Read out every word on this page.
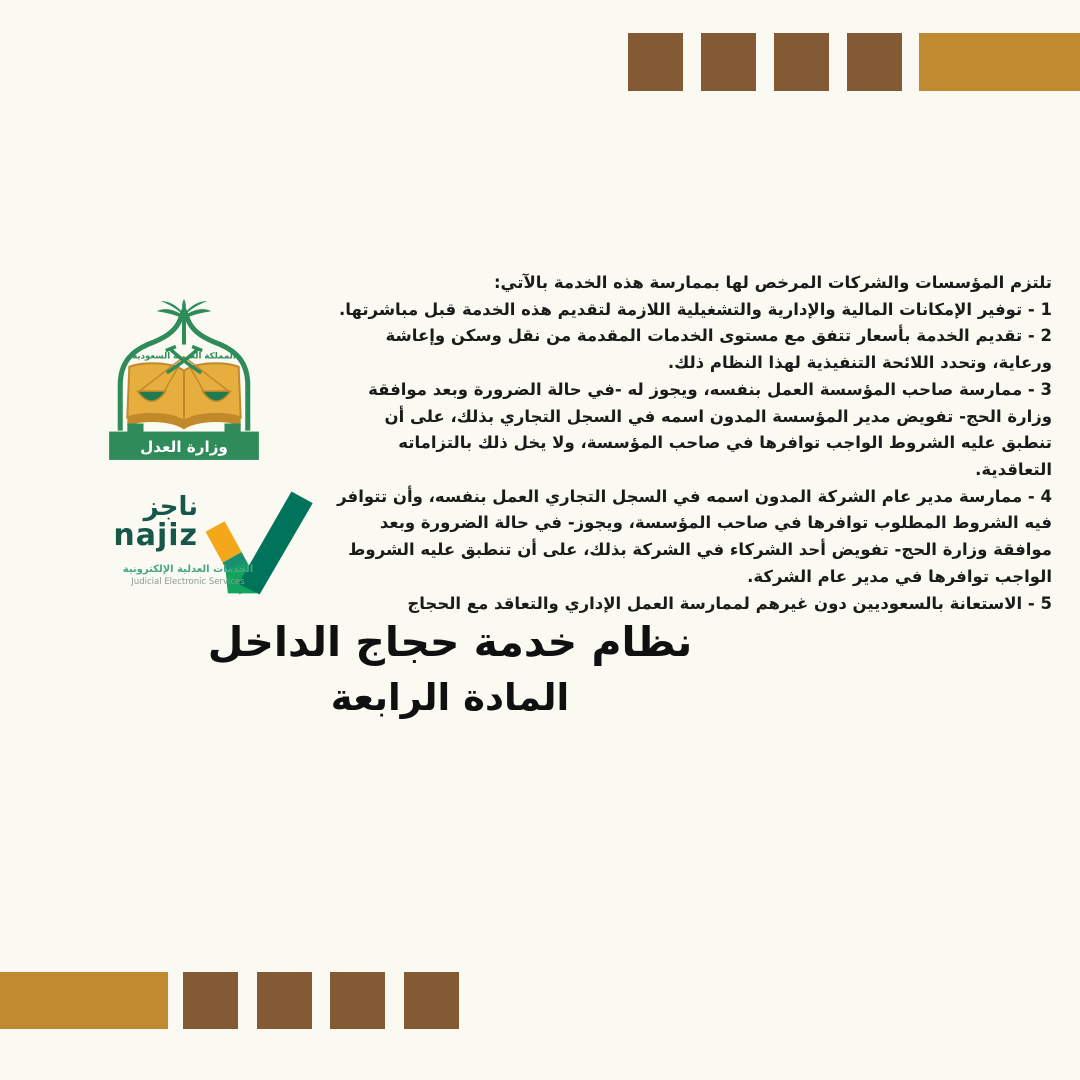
المملكة العربية السعودية
وزارة العدل
ناجز
najiz
الخدمات العدلية الإلكترونية
Judicial Electronic Services

تلتزم المؤسسات والشركات المرخص لها بممارسة هذه الخدمة بالآتي:

1 - توفير الإمكانات المالية والإدارية والتشغيلية اللازمة لتقديم هذه الخدمة قبل مباشرتها.

2 - تقديم الخدمة بأسعار تتفق مع مستوى الخدمات المقدمة من نقل وسكن وإعاشة ورعاية، وتحدد اللائحة التنفيذية لهذا النظام ذلك.

3 - ممارسة صاحب المؤسسة العمل بنفسه، ويجوز له -في حالة الضرورة وبعد موافقة وزارة الحج- تفويض مدير المؤسسة المدون اسمه في السجل التجاري بذلك، على أن تنطبق عليه الشروط الواجب توافرها في صاحب المؤسسة، ولا يخل ذلك بالتزاماته التعاقدية.

4 - ممارسة مدير عام الشركة المدون اسمه في السجل التجاري العمل بنفسه، وأن تتوافر فيه الشروط المطلوب توافرها في صاحب المؤسسة، ويجوز- في حالة الضرورة وبعد موافقة وزارة الحج- تفويض أحد الشركاء في الشركة بذلك، على أن تنطبق عليه الشروط الواجب توافرها في مدير عام الشركة.

5 - الاستعانة بالسعوديين دون غيرهم لممارسة العمل الإداري والتعاقد مع الحجاج

نظام خدمة حجاج الداخل
المادة الرابعة
